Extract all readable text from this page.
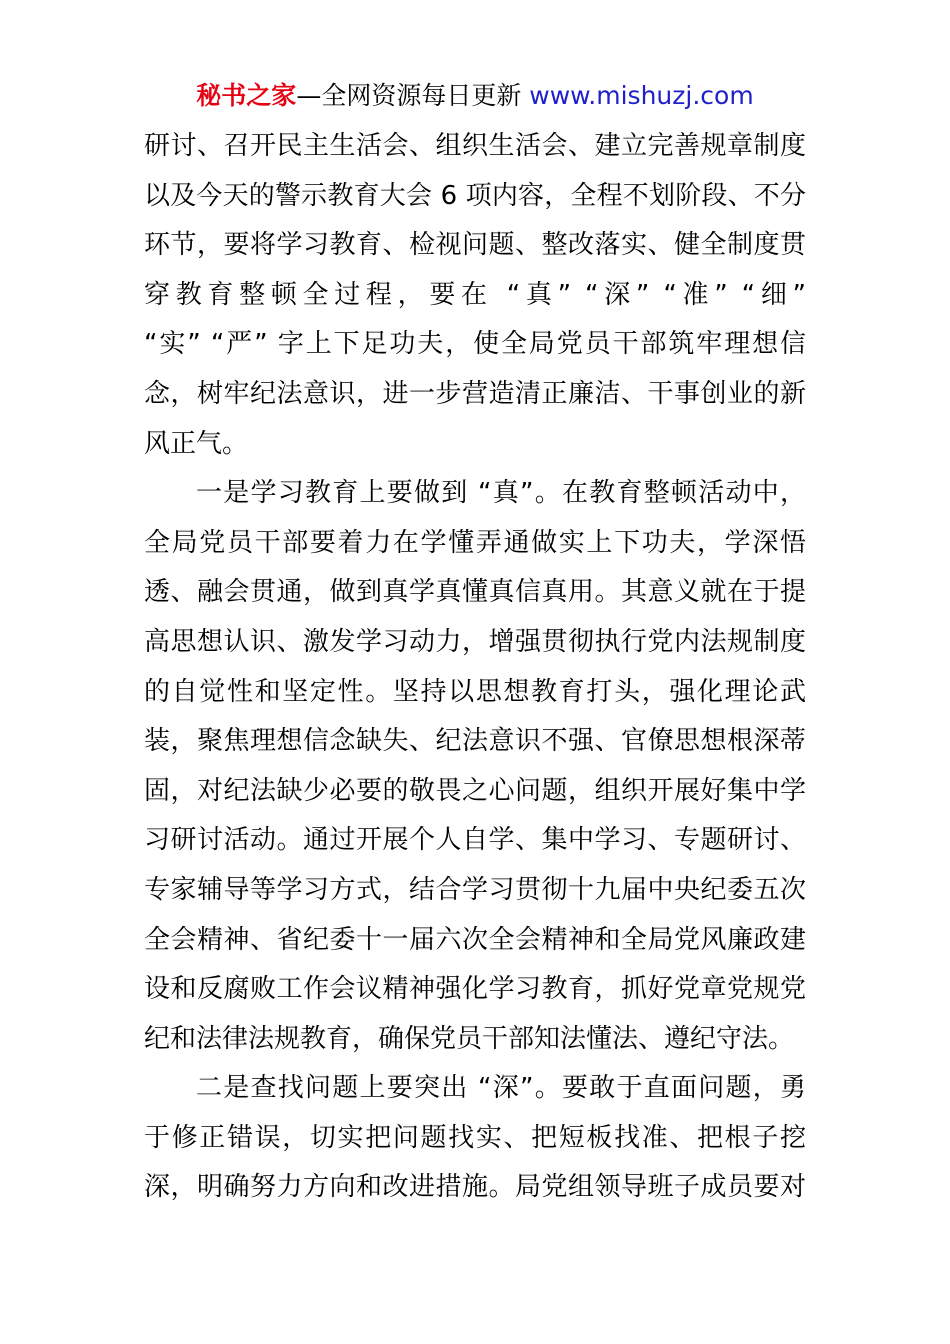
秘书之家—全网资源每日更新 www.mishuzj.com
研讨、召开民主生活会、组织生活会、建立完善规章制度
以及今天的警示教育大会 6 项内容，全程不划阶段、不分
环节，要将学习教育、检视问题、整改落实、健全制度贯
穿教育整顿全过程，要在 “真” “深” “准” “细”
“实” “严” 字上下足功夫，使全局党员干部筑牢理想信
念，树牢纪法意识，进一步营造清正廉洁、干事创业的新
风正气。
一是学习教育上要做到 “真”。在教育整顿活动中，
全局党员干部要着力在学懂弄通做实上下功夫，学深悟
透、融会贯通，做到真学真懂真信真用。其意义就在于提
高思想认识、激发学习动力，增强贯彻执行党内法规制度
的自觉性和坚定性。坚持以思想教育打头，强化理论武
装，聚焦理想信念缺失、纪法意识不强、官僚思想根深蒂
固，对纪法缺少必要的敬畏之心问题，组织开展好集中学
习研讨活动。通过开展个人自学、集中学习、专题研讨、
专家辅导等学习方式，结合学习贯彻十九届中央纪委五次
全会精神、省纪委十一届六次全会精神和全局党风廉政建
设和反腐败工作会议精神强化学习教育，抓好党章党规党
纪和法律法规教育，确保党员干部知法懂法、遵纪守法。
二是查找问题上要突出 “深”。要敢于直面问题，勇
于修正错误，切实把问题找实、把短板找准、把根子挖
深，明确努力方向和改进措施。局党组领导班子成员要对
